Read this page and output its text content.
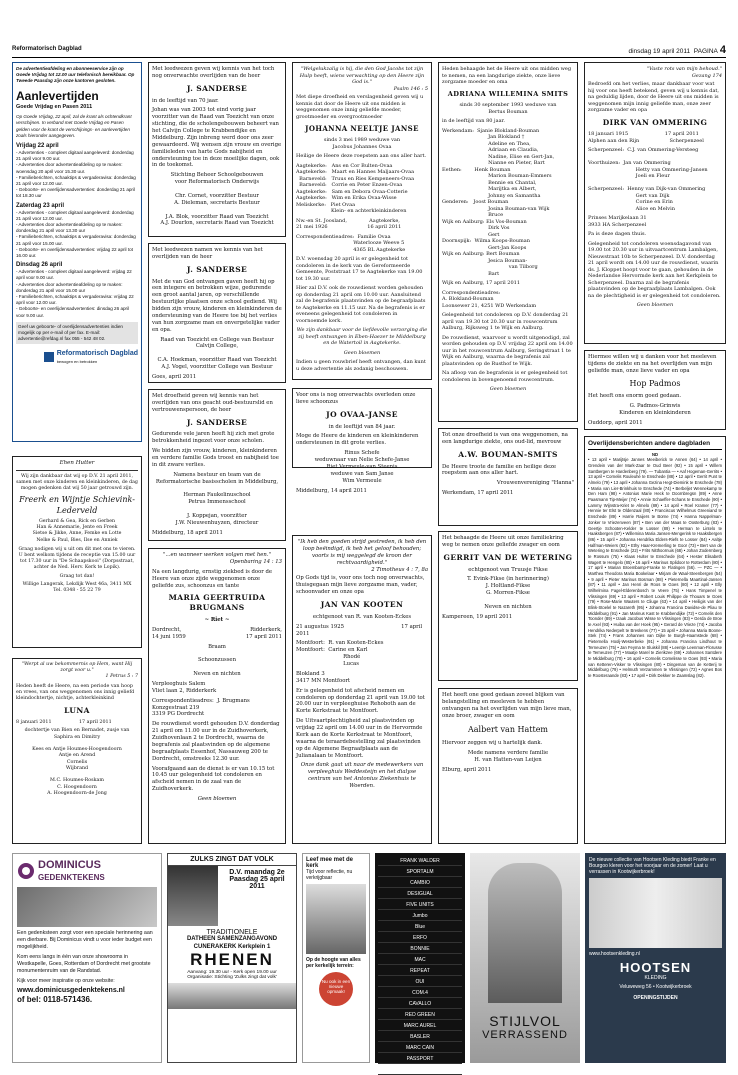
Reformatorisch Dagblad	dinsdag 19 april 2011 PAGINA 4
De advertentieafdeling en abonneeservice zijn op Goede Vrijdag tot 12.00 uur telefonisch bereikbaar. Op Tweede Paasdag zijn onze kantoren gesloten.
Aanlevertijden
Goede Vrijdag en Pasen 2011
Op Goede Vrijdag, 22 april, zal de krant als ochtendkrant verschijnen. In verband met Goede Vrijdag en Pasen gelden voor de krant de verschijnings- en aanlevertijden zoals hieronder aangegeven.
Vrijdag 22 april
- Advertenties - compleet digitaal aangeleverd: donderdag 21 april voor 9.00 uur.
- Advertenties door advertentieafdeling op te maken: woensdag 20 april voor 15.30 uur.
- Familieberichten, schaaktips & vergaderavisa: donderdag 21 april voor 12.00 uur.
- Geboorte- en overlijdensadvertenties: donderdag 21 april tot 18.30 uur
Zaterdag 23 april
- Advertenties - compleet digitaal aangeleverd: donderdag 21 april voor 12.00 uur.
- Advertenties door advertentieafdeling op te maken: donderdag 21 april voor 13.30 uur
- Familieberichten, schaaktips & vergaderavisa: donderdag 21 april voor 15.00 uur.
- Geboorte- en overlijdensadvertenties: vrijdag 22 april tot 16.00 uur.
Dinsdag 26 april
- Advertenties - compleet digitaal aangeleverd: vrijdag 22 april voor 9.00 uur.
- Advertenties door advertentieafdeling op te maken: donderdag 21 april voor 15.00 uur
- Familieberichten, schaaktips & vergaderavisa: vrijdag 22 april voor 12.00 uur.
- Geboorte- en overlijdensadvertenties: dinsdag 26 april voor 9.00 uur.
Geef uw geboorte- of overlijdensadvertenties indien mogelijk op per e-mail of per fax. E-mail: advertentie@refdag.nl fax 055 - 542 48 02.
Reformatorisch Dagblad
bewogen en betrokken
Ehen Hutter
Wij zijn dankbaar dat wij op D.V. 21 april 2011, samen met onze kinderen en kleinkinderen, de dag mogen gedenken dat wij 50 jaar getrouwd zijn.
Freerk en Wijntje Schievink-Lederveld
Gerhard & Gea, Rick en Gerben
Han & Annemarie, Jente en Freek
Sietse & Jikke, Anne, Femke en Lotte
Nelke & Paul, Bies, Ilse en Anniek
Graag nodigen wij u uit om dit met ons te vieren. U bent welkom tijdens de receptie van 15.00 uur tot 17.30 uur in "De Schaapskooi" (Dorpsstraat, achter de Ned. Herv. Kerk te Lopik).
Graag tot dan!
Willige Langerak, Lekdijk West 46a, 3411 MX
Tel. 0348 - 55 22 79
"Werpt al uw bekommernis op Hem, want Hij zorgt voor u."
1 Petrus 5 : 7
Heden heeft de Heere, na een periode van hoop en vrees, van ons weggenomen ons innig geliefd kleindochtertje, nichtje, achterkleinkind
LUNA
8 januari 2011                  17 april 2011
dochtertje van Bien en Bernadet, zusje van Saphira en Dimitry

Kees en Antje Houmes-Hoogendoorn
Antje en Arend
Cornelis
Wijbrand

M.C. Houmes-Roskam
C. Hoogendoorn
A. Hoogendoorn-de Jong
Met leedwezen geven wij kennis van het toch nog onverwachte overlijden van de heer
J. SANDERSE
in de leeftijd van 70 jaar.
Johan was van 2003 tot eind vorig jaar voorzitter van de Raad van Toezicht van onze stichting, die de scholengebouwen beheert van het Calvijn College te Krabbendijke en Middelburg. Zijn inbreng werd door ons zeer gewaardeerd. Wij wensen zijn vrouw en overige familieleden van harte Gods nabijheid en ondersteuning toe in deze moeilijke dagen, ook in de toekomst.
Stichting Beheer Schoolgebouwen
voor Reformatorisch Onderwijs

Chr. Cornet, voorzitter Bestuur
A. Dieleman, secretaris Bestuur

J.A. Blok, voorzitter Raad van Toezicht
A.J. Dourlon, secretaris Raad van Toezicht
Met leedwezen namen we kennis van het overlijden van de heer
J. SANDERSE
Met de van God ontvangen gaven heeft hij op een integere en betrokken wijze, gedurende een groot aantal jaren, op verschillende bestuurlijke plaatsen onze school gediend. Wij bidden zijn vrouw, kinderen en kleinkinderen de ondersteuning van de Heere toe bij het verlies van hun zorgzame man en onvergetelijke vader en opa.
Raad van Toezicht en College van Bestuur
Calvijn College,

C.A. Hoekman, voorzitter Raad van Toezicht
A.J. Vogel, voorzitter College van Bestuur
Goes, april 2011
Met droefheid geven wij kennis van het overlijden van ons geacht oud-bestuurslid en vertrouwenspersoon, de heer
J. SANDERSE
Gedurende vele jaren heeft hij zich met grote betrokkenheid ingezet voor onze scholen.
We bidden zijn vrouw, kinderen, kleinkinderen en verdere familie Gods troost en nabijheid toe in dit zware verlies.
Namens bestuur en team van de Reformatorische basisscholen in Middelburg,

Herman Faukelinuschool
Petrus Immensschool

J. Koppejan, voorzitter
J.W. Nieuwenhuyzen, directeur
Middelburg, 18 april 2011
"...en wanneer werken volgen met hen."
Openbaring 14 : 13
Na een langdurig, ernstig ziekbed is door de Heere van onze zijde weggenomen onze geliefde zus, schoonzus en tante
MARIA GEERTRUIDA BRUGMANS
~ Riet ~
Dordrecht,
14 juni 1959
Ridderkerk,
17 april 2011
Braam

Schoonzussen

Neven en nichten
Verpleeghuis Salem
Vliet laan 2, Ridderkerk
Correspondentieadres:  J. Brugmans
Konzgestraat 219
3319 PG Dordrecht
De rouwdienst wordt gehouden D.V. donderdag 21 april om 11.00 uur in de Zuidhoverkerk, Zuidhovenlaan 2 te Dordrecht, waarna de begrafenis zal plaatsvinden op de algemene begraafplaats Essenhof, Nassauweg 200 te Dordrecht, omstreeks 12.30 uur.
Voorafgaand aan de dienst is er van 10.15 tot 10.45 uur gelegenheid tot condoleren en afscheid nemen in de zaal van de Zuidhoverkerk.
Geen bloemen
"Welgelukzalig is hij, die den God Jacobs tot zijn Hulp heeft, wiens verwachting op den Heere zijn God is."
Psalm 146 : 5
Met diepe droefheid en verslagenheid geven wij u kennis dat door de Heere uit ons midden is weggenomen onze innig geliefde moeder, grootmoeder en overgrootmoeder
JOHANNA NEELTJE JANSE
sinds 3 mei 1989 weduwe van
Jacobus Johannes Ovaa
Heilige de Heere deze roepstem aan ons aller hart.
Aagtekerke:   Ans en Cor Bulten-Ovaa
Aagtekerke:   Maart en Hannes Maljaars-Ovaa
Barneveld:   Truus en Ries Kempeneers-Ovaa
Barneveld:   Corrie en Peter Enzen-Ovaa
Aagtekerke:   Sam en Debora Ovaa-Cotterie
Aagtekerke:   Wim en Erika Ovaa-Wisse
Meliskerke:   Piet Ovaa
Klein- en achterkleinkinderen
Nw.-en St. Joosland,              Aagtekerke,
21 mei 1926                         16 april 2011
Correspondentieadres:  Familie Ovaa
Waterlooze Weeve 5
4365 BL Aagtekerke
D.V. woensdag 20 april is er gelegenheid tot condoleren in de kerk van de Gereformeerde Gemeente, Poststraat 17 te Aagtekerke van 19.00 tot 19.30 uur.
Hier zal D.V. ook de rouwdienst worden gehouden op donderdag 21 april om 10.00 uur. Aansluitend zal de begrafenis plaatsvinden op de begraafplaats te Aagtekerke en 11.15 uur. Na de begrafenis is er eveneens gelegenheid tot condoleren in voornoemde kerk.
We zijn dankbaar voor de liefdevolle verzorging die zij heeft ontvangen in Eben-Haezer te Middelburg en de Watertoil in Aagtekerke.
Geen bloemen
Indien u geen rouwbrief heeft ontvangen, dan kunt u deze advertentie als zodanig beschouwen.
Voor ons is nog onverwachts overleden onze lieve schoonzus
JO OVAA-JANSE
in de leeftijd van 84 jaar.
Moge de Heere de kinderen en kleinkinderen ondersteunen in dit grote verlies.
Rinus Schefe
weduwnaar van Nelie Schefe-Janse
Riet Vermeule-van Steenis
weduwe van Sam Janse
Wim Vermeule
Middelburg, 14 april 2011
"Ik heb den goeden strijd gestreden, ik heb den loop beëindigd, ik heb het geloof behouden; voorts is mij weggelegd de kroon der rechtvaardigheid."
2 Timotheus 4 : 7, 8a
Op Gods tijd is, voor ons toch nog onverwachts, thuisgegaan mijn lieve zorgzame man, vader, schoonvader en onze opa
JAN VAN KOOTEN
echtgenoot van R. van Kooten-Eckes
21 augustus 1925                                  17 april 2011
Montfoort:  R. van Kooten-Eckes
Montfoort:  Carine en Karl
Rhodé
Lucas
Blokland 3
3417 MN Montfoort
Er is gelegenheid tot afscheid nemen en condoleren op donderdag 21 april van 19.00 tot 20.00 uur in verpleeghuise Rehoboth aan de Korte Kerkstraat te Montfoort.
De Uitvaartplechtigheid zal plaatsvinden op vrijdag 22 april om 14.00 uur in de Hervormde Kerk aan de Korte Kerkstraat te Montfoort, waarna de teraardebestelling zal plaatsvinden op de Algemene Begraafplaats aan de Julianalaan te Montfoort.
Onze dank gaat uit naar de medewerkers van verpleeghuis Weddesteijn en het dialyse centrum van het Antonius Ziekenhuis te Woerden.
Heden behaagde het de Heere uit ons midden weg te nemen, na een langdurige ziekte, onze lieve zorgzame moeder en oma
ADRIANA WILLEMINA SMITS
sinds 30 september 1993 weduwe van
Bertus Bouman
in de leeftijd van 80 jaar.
Werkendam:  Sjanie Blokland-Bouman
Jan Blokland †
Adeline en Thea,
Adriaan en Claudia,
Nadine, Elise en Gert-Jan,
Nianne en Pieter, Bart
Eethen:        Henk Bouman
Marion Bouman-Emmers
Bennie en Chantal,
Marijtka en Albert,
Johnny en Samantha
Genderen:   Joost Bouman
Josina Bouman-van Wijk
Bruce
Wijk en Aalburg: Els Vos-Bouman
Dirk Vos
Gert
Doornspijk:  Wilma Koops-Bouman
Gert-Jan Koops
Wijk en Aalburg: Bert Bouman
Jesica Bouman-
van Tilborg
Bart
Wijk en Aalburg, 17 april 2011
Correspondentieadres:
A. Blokland-Bouman
Loonsewer 21, 4251 WD Werkendam
Gelegenheid tot condoleren op D.V. donderdag 21 april van 19.30 tot 20.30 uur in rouwcentrum Aalburg, Rijksweg 1 te Wijk en Aalburg.
De rouwdienst, waarvoor u wordt uitgenodigd, zal worden gehouden op D.V. vrijdag 22 april om 14.00 uur in het rouwcentrum Aalburg, Seringstraat 1 te Wijk en Aalburg, waarna de begrafenis zal plaatsvinden op de Rusthof te Wijk.
Na afloop van de begrafenis is er gelegenheid tot condoleren in bovengenoemd rouwcentrum.
Geen bloemen
Tot onze droefheid is van ons weggenomen, na een langdurige ziekte, ons oud-lid, mevrouw
A.W. BOUMAN-SMITS
De Heere troote de familie en heilige deze roepstem aan ons aller hart.
Vrouwenvereniging "Hanna"
Werkendam, 17 april 2011
Het behaagde de Heere uit onze familiekring weg te nemen onze geliefde zwager en oom
GERRIT VAN DE WETERING
echtgenoot van Truusje Fikse
T. Evink-Fikse (in herinnering)
J. Holtland-Fikse
G. Morren-Fikse

Neven en nichten
Kampereen, 19 april 2011
Het heeft one goed gedaan zoveel blijken van belangstelling en meeleven te hebben ontvangen na het overlijden van mijn lieve man, onze broer, zwager en oom
Aalbert van Hattem
Hiervoor zeggen wij u hartelijk dank.
Mede namens verdere familie
H. van Hatten-van Leijen
Elburg, april 2011
"Vaste rots van mijn behoud."
Gezang 174
Bedroefd om het verlies, maar dankbaar voor wat hij voor ons heeft betekend, geven wij u kennis dat, na geduldig lijden, door de Heere uit ons midden is weggenomen mijn innig geliefde man, onze zeer zorgzame vader en opa
DIRK VAN OMMERING
18 januari 1915                       17 april 2011
Alphen aan den Rijn                   Scherpenzeel
Scherpenzeel:  C.J. van Ommering-Versteeg

Voorthuizen:  Jan van Ommering
Hetty van Ommering-Jansen
Joeli en Fleur

Scherpenzeel:  Henny van Dijk-van Ommering
Gert van Dijk
Corine en Erin
Alice en Melvin
Prinses Marijkelaan 31
3933 HA Scherpenzeel
Pa is deze dagen thuis.
Gelegenheid tot condoleren woensdagavond van 19.00 tot 20.30 uur in uitvaartcentrum Lambalgen, Nieuwstraat 10b te Scherpenzeel. D.V. donderdag 21 april wordt om 14.00 uur de rouwdienst, waarin ds. J. Kloppet hoopt voor te gaan, gehouden in de Nederlandse Hervormde kerk aan het Kerkplein te Scherpenzeel. Daarna zal de begrafenis plaatsvinden op de begraafplaats Lambalgen. Ook na de plechtigheid is er gelegenheid tot condoleren.
Geen bloemen
Hiermee willen wij u danken voor het meeleven tijdens de ziekte en na het overlijden van mijn geliefde man, onze lieve vader en opa
Hop Padmos
Het heeft ons enorm goed gedaan.
G. Padmos-Grinwis
Kinderen en kleinkinderen
Ouddorp, april 2011
Overlijdensberichten andere dagbladen
ND
• 13 april • Marijtsje Jannes Meeiberick te Annen (64) • 14 april • Grendein van der Mark-Zaar te Oud Beer (92) • 15 april • Willem Santbergen te Hardenberg (79). — Tubantia — • Aaf Hogeman-Gerrits • 13 april • Cornelis Rouleuhé te Enschede (88) • 12 april • Gerrit Punt te Almelo (79) • 13 april • Johanna Gezina Hegt-Diemink te Enschede (78) • Maria van Lier-Brinkhuis te Enschede (74) • Berbeljet Wennekamp te Den Ham (98) • Antonius Marie Heck te Doornbregsn (89) • Anne Paasmann Tip-Meijer (74) • Annie Schaeffer-Schans te Enschede (90) • Lammy Wijnstra-Kriet te Almelo (89) • 14 april • Roel Kramer (77) • Hennie ter Elst te Oldenzaal (80) • Franciscus Wilhelmus Greeniand te Enschede (89) • Harrie Raijers te Borne (74) • Hanna Nappelman-Jonker te Vriezenveen (87) • Ben van der Maas te Oosterburg (83) • Geertje Schooten-Kelder te Losser (89) • Herman te Lintelo te Haaksbergen (87) • Willemina Maria Jansen-Mengerink te Haaksbergen (86) • 15 april • Johanna Hendrika Elders-Riefs te Losser (84) • Aaltje Halfman-Weiers (82) • Ethy Haar-Kremerling te Goor (73) • Bert van de Wetering te Enschede (22) • Frits Nitthoornuis (68) • Johan Zodermberg te Rossum (75) • Klaas Hulter te Enschede (64) • Hester Elisabeth Wagert te Hengelo (85) • 16 april • Marinus Splidoor te Rotterdam (80) • 17 april • Marian Broembamp-Franke te Flatingen (56). — PZC — • Marthea Theodora Maria Bookelaar • Mirjam de Waal-Steenbergen (54) • 9 april • Pieter Marinus Bosman (88) • Pieternella Maartinal-Jansen (87) • 11 april • Jan Henri de Roos te Goes (80) • 12 april • Elly Wilhelmina Fagel-Elderenbosch te Veere (75) • Hans Timpenel te Vlissingen (69) • 13 april • Robert Louis Philippe de Thouars te Goes (79) • Rose-Marie Wauters te Cliuge (63) • 14 april • Heiligis van der Blink-Stoelel te Nazareth (95) • Johanna Francina Davidse-de Pliau te Middelburg (91) • Jan Marinus Kast te Krabbendijke (72) • Cornelis den Toonder (89) • Izaak Jacobus Wisse te Vlissingen (83) • Gerda de Broe te Axel (93) • Huiba van der Hoek (95) • Gerard de Vrieze (74) • Jacoba Hendrika Nederpelt te Breskens (77) • 15 april • Johanna Maria Boone-Stek (74) • Frans Johannes van Dijke te Burgh-Haamstede (68) • Pieternella Hoolj-Westerbeke (91) • Johanna Francina Lindhout te Terneuzen (75) • Jan Feyma te Sluiskil (88) • Leentje Leenman-Florusse te Terneuzen (77) • Maatje Marel te Zierikzee (69) • Johannes Santdere te Middelburg (70) • 16 april • Cornelis Cornelisse te Goes (93) • Maria van Ketteren-Visker te Vlissingen (80) • Dingeman van de Ketterij te Middelburg (79) • Helmuth Verzammen te Vlissingen (72) • Agnes Bos te Roosteraande (83) • 17 april • Dirk Dekker te Zaamslag (82).
DOMINICUS
GEDENKTEKENS
Een gedenksteen zorgt voor een speciale herinnering aan een dierbare. Bij Dominicus vindt u voor ieder budget een mogelijkheid.
Kom eens langs in één van onze showrooms in Westkapelle, Goes, Rotterdam of Dordrecht met grootste monumentenruim van de Randstad.
Kijk voor meer inspiratie op onze website:
www.dominicusgedenktekens.nl
of bel: 0118-571436.
ZULKS ZINGT DAT VOLK
D.V. maandag 2e Paasdag 25 april 2011
TRADITIONELE
DATHEEN SAMENZANGAVOND
CUNERAKERK Kerkplein 1
RHENEN
Aanvang: 19.30 uur - Kerk open 19.00 uur
Organisatie: Stichting 'Zulks zingt dat volk'
Leef mee met de kerk
Tijd voor reflectie, nu verkrijgbaar
Op de hoogte van alles per kerkelijk terrein:
Nu ook in een nieuwe opmaak!
FRANK WALDER
SPORTALM
CAMBIO
DESIGUAL
FIVE UNITS
Jumbo
Blue
ERFO
BONNIE
MAC
REPEAT
OUI
COM.4
CAVALLO
RED GREEN
MARC AUREL
BASLER
MARC CAIN
PASSPORT
MARCCAIN SPORTS
STIJLVOL
VERRASSEND
De nieuwe collectie van Hootsen Kleding biedt Franke en Bourgoo kleren voor het voorjaar en de zomer! Laat u verrassen in Kootwijkerbroek!
www.hootsenkleding.nl
HOOTSEN
KLEDING
Veluweweg 56 • Kootwijkerbroek
OPENINGSTIJDEN
